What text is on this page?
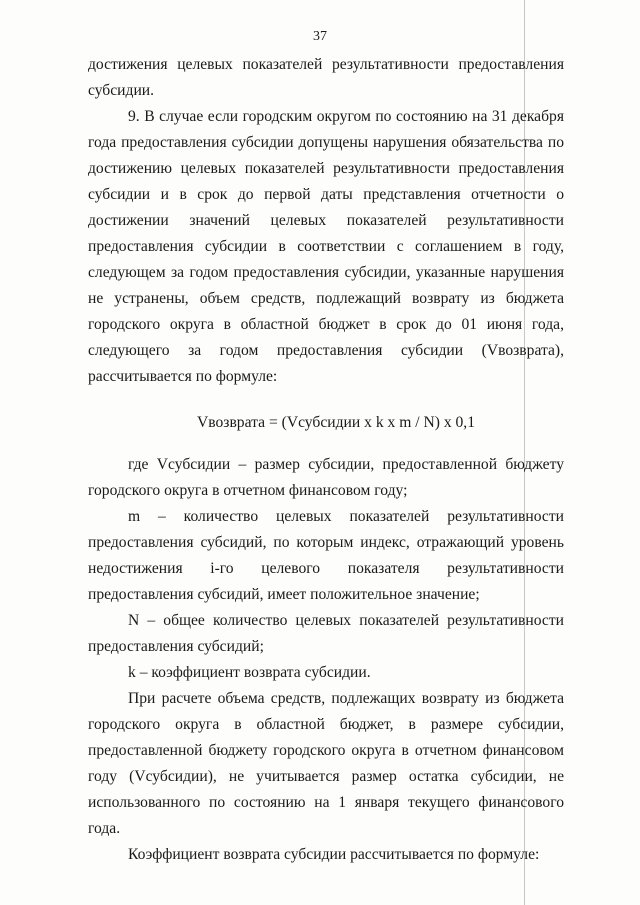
37

достижения целевых показателей результативности предоставления субсидии.

9. В случае если городским округом по состоянию на 31 декабря года предоставления субсидии допущены нарушения обязательства по достижению целевых показателей результативности предоставления субсидии и в срок до первой даты представления отчетности о достижении значений целевых показателей результативности предоставления субсидии в соответствии с соглашением в году, следующем за годом предоставления субсидии, указанные нарушения не устранены, объем средств, подлежащий возврату из бюджета городского округа в областной бюджет в срок до 01 июня года, следующего за годом предоставления субсидии (Vвозврата), рассчитывается по формуле:

Vвозврата = (Vсубсидии х k х m / N) х 0,1

где Vсубсидии – размер субсидии, предоставленной бюджету городского округа в отчетном финансовом году;

m – количество целевых показателей результативности предоставления субсидий, по которым индекс, отражающий уровень недостижения i-го целевого показателя результативности предоставления субсидий, имеет положительное значение;

N – общее количество целевых показателей результативности предоставления субсидий;

k – коэффициент возврата субсидии.

При расчете объема средств, подлежащих возврату из бюджета городского округа в областной бюджет, в размере субсидии, предоставленной бюджету городского округа в отчетном финансовом году (Vсубсидии), не учитывается размер остатка субсидии, не использованного по состоянию на 1 января текущего финансового года.

Коэффициент возврата субсидии рассчитывается по формуле:
